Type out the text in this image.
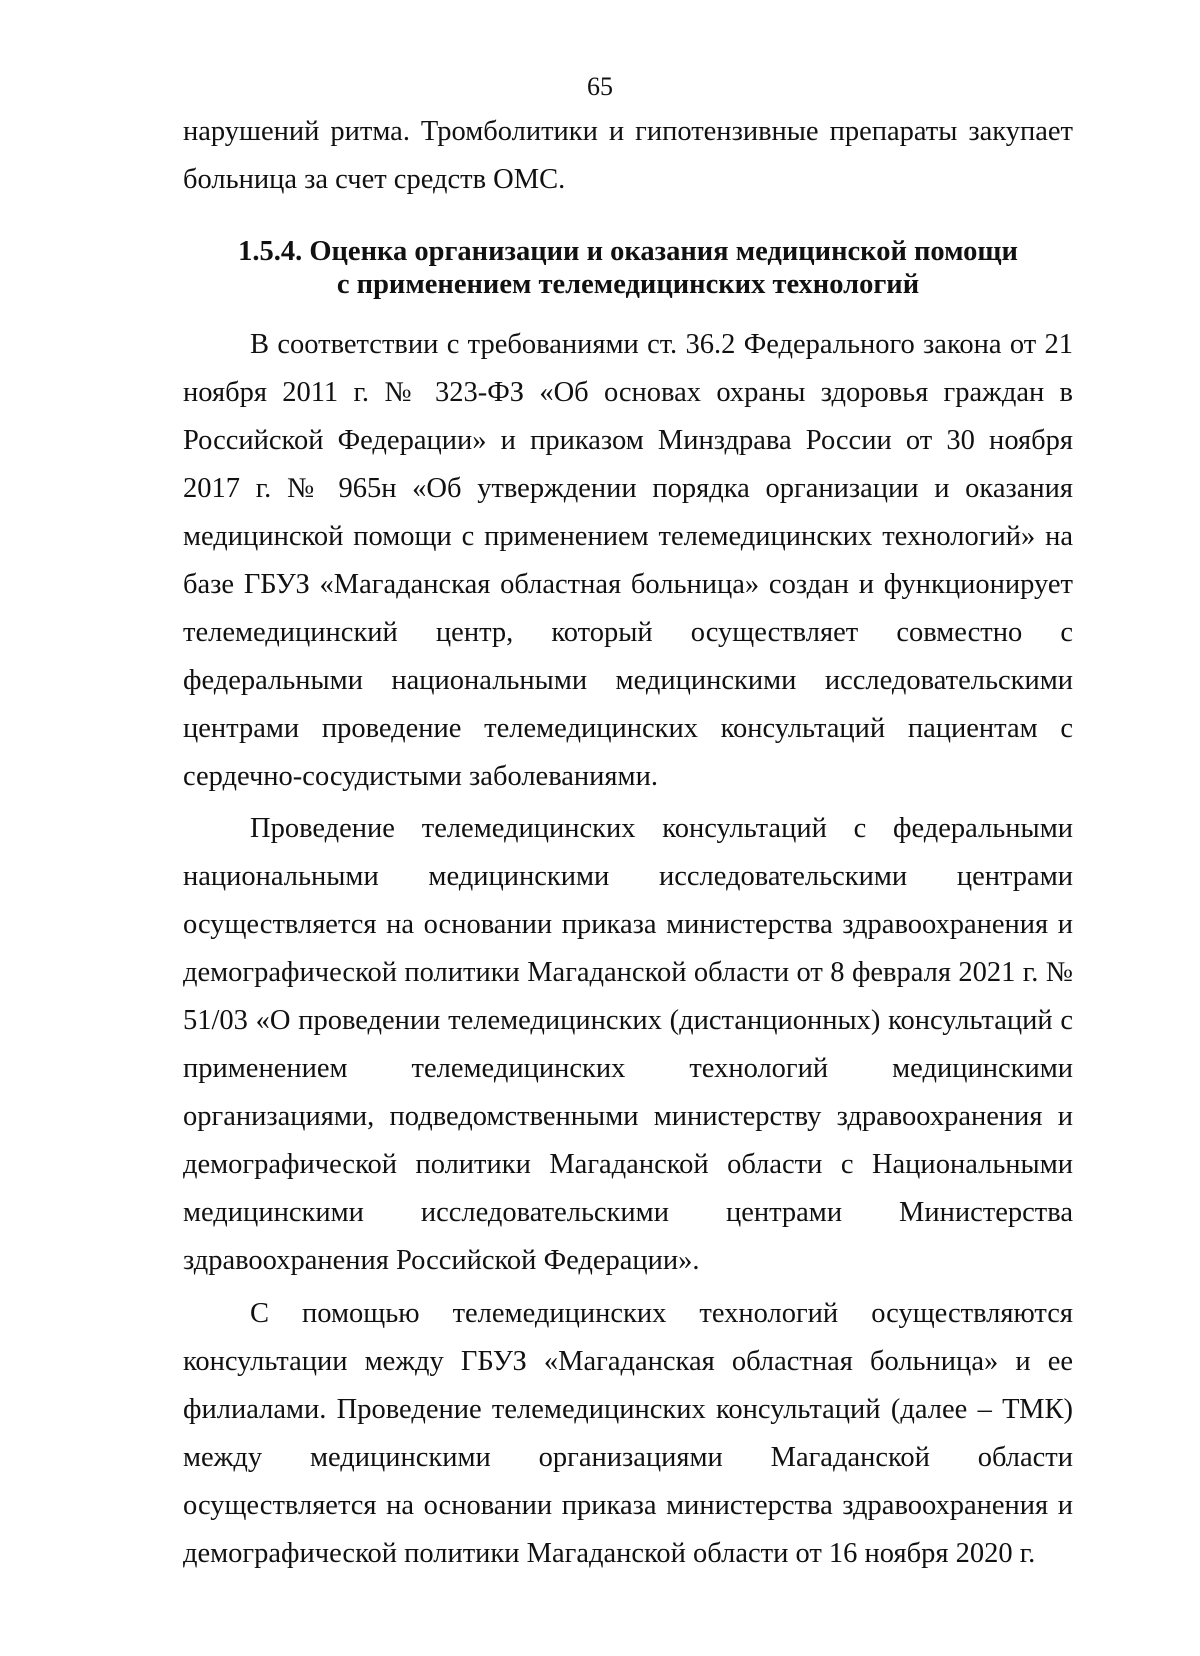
65

нарушений ритма. Тромболитики и гипотензивные препараты закупает больница за счет средств ОМС.

1.5.4. Оценка организации и оказания медицинской помощи
с применением телемедицинских технологий

В соответствии с требованиями ст. 36.2 Федерального закона от 21 ноября 2011 г. № 323-ФЗ «Об основах охраны здоровья граждан в Российской Федерации» и приказом Минздрава России от 30 ноября 2017 г. № 965н «Об утверждении порядка организации и оказания медицинской помощи с применением телемедицинских технологий» на базе ГБУЗ «Магаданская областная больница» создан и функционирует телемедицинский центр, который осуществляет совместно с федеральными национальными медицинскими исследовательскими центрами проведение телемедицинских консультаций пациентам с сердечно-сосудистыми заболеваниями.

Проведение телемедицинских консультаций с федеральными национальными медицинскими исследовательскими центрами осуществляется на основании приказа министерства здравоохранения и демографической политики Магаданской области от 8 февраля 2021 г. № 51/03 «О проведении телемедицинских (дистанционных) консультаций с применением телемедицинских технологий медицинскими организациями, подведомственными министерству здравоохранения и демографической политики Магаданской области с Национальными медицинскими исследовательскими центрами Министерства здравоохранения Российской Федерации».

С помощью телемедицинских технологий осуществляются консультации между ГБУЗ «Магаданская областная больница» и ее филиалами. Проведение телемедицинских консультаций (далее – ТМК) между медицинскими организациями Магаданской области осуществляется на основании приказа министерства здравоохранения и демографической политики Магаданской области от 16 ноября 2020 г.
